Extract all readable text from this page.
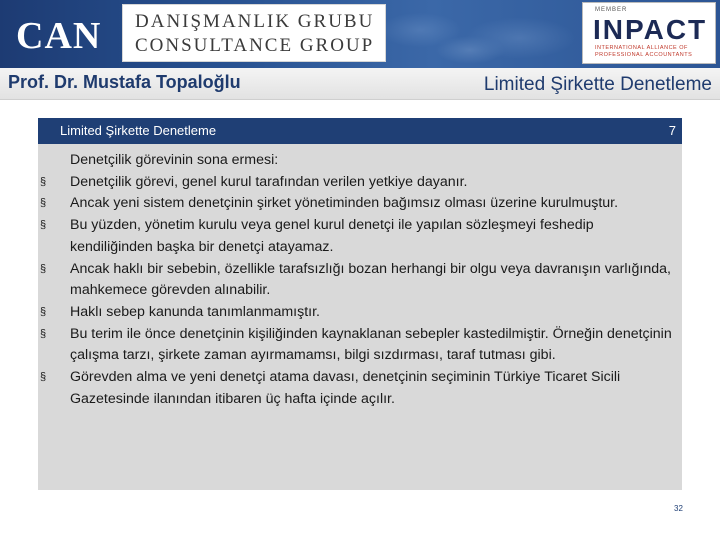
CAN DANIŞMANLIK GRUBU
CONSULTANCE GROUP
MEMBER
INPACT
INTERNATIONAL ALLIANCE OF PROFESSIONAL ACCOUNTANTS
Prof. Dr. Mustafa Topaloğlu	Limited Şirkette Denetleme
Limited Şirkette Denetleme	7
Denetçilik görevinin sona ermesi:
§ Denetçilik görevi, genel kurul tarafından verilen yetkiye dayanır.
§ Ancak yeni sistem denetçinin şirket yönetiminden bağımsız olması üzerine kurulmuştur.
§ Bu yüzden, yönetim kurulu veya genel kurul denetçi ile yapılan sözleşmeyi feshedip kendiliğinden başka bir denetçi atayamaz.
§ Ancak haklı bir sebebin, özellikle tarafsızlığı bozan herhangi bir olgu veya davranışın varlığında, mahkemece görevden alınabilir.
§ Haklı sebep kanunda tanımlanmamıştır.
§ Bu terim ile önce denetçinin kişiliğinden kaynaklanan sebepler kastedilmiştir. Örneğin denetçinin çalışma tarzı, şirkete zaman ayırmamamsı, bilgi sızdırması, taraf tutması gibi.
§ Görevden alma ve yeni denetçi atama davası, denetçinin seçiminin Türkiye Ticaret Sicili Gazetesinde ilanından itibaren üç hafta içinde açılır.
32
